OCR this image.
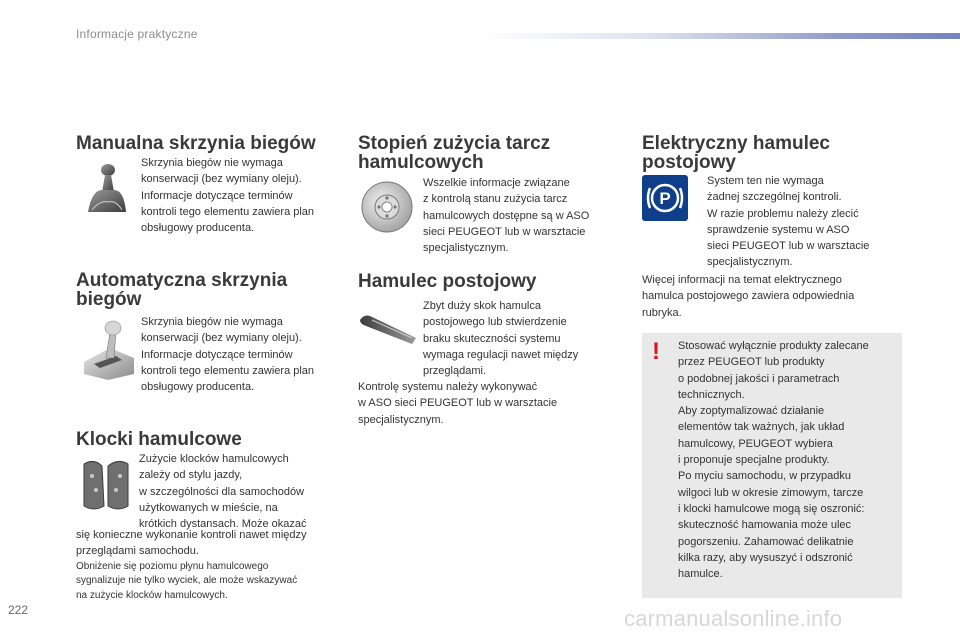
Informacje praktyczne
Manualna skrzynia biegów

Skrzynia biegów nie wymaga

konserwacji (bez wymiany oleju).

Informacje dotyczące terminów

kontroli tego elementu zawiera plan

obsługowy producenta.

Automatyczna skrzynia
biegów

Skrzynia biegów nie wymaga

konserwacji (bez wymiany oleju).

Informacje dotyczące terminów

kontroli tego elementu zawiera plan

obsługowy producenta.

Klocki hamulcowe

Zużycie klocków hamulcowych

zależy od stylu jazdy,

w szczególności dla samochodów

użytkowanych w mieście, na

krótkich dystansach. Może okazać

się konieczne wykonanie kontroli nawet między

przeglądami samochodu.

Obniżenie się poziomu płynu hamulcowego

sygnalizuje nie tylko wyciek, ale może wskazywać

na zużycie klocków hamulcowych.

Stopień zużycia tarcz
hamulcowych

Wszelkie informacje związane

z kontrolą stanu zużycia tarcz

hamulcowych dostępne są w ASO

sieci PEUGEOT lub w warsztacie

specjalistycznym.

Hamulec postojowy

Zbyt duży skok hamulca

postojowego lub stwierdzenie

braku skuteczności systemu

wymaga regulacji nawet między

przeglądami.

Kontrolę systemu należy wykonywać

w ASO sieci PEUGEOT lub w warsztacie

specjalistycznym.

Elektryczny hamulec
postojowy
P

System ten nie wymaga

żadnej szczególnej kontroli.

W razie problemu należy zlecić

sprawdzenie systemu w ASO

sieci PEUGEOT lub w warsztacie

specjalistycznym.

Więcej informacji na temat elektrycznego

hamulca postojowego zawiera odpowiednia

rubryka.

! Stosować wyłącznie produkty zalecane

przez PEUGEOT lub produkty

o podobnej jakości i parametrach

technicznych.

Aby zoptymalizować działanie

elementów tak ważnych, jak układ

hamulcowy, PEUGEOT wybiera

i proponuje specjalne produkty.

Po myciu samochodu, w przypadku

wilgoci lub w okresie zimowym, tarcze

i klocki hamulcowe mogą się oszronić:

skuteczność hamowania może ulec

pogorszeniu. Zahamować delikatnie

kilka razy, aby wysuszyć i odszronić

hamulce.

222	carmanualsonline.info
